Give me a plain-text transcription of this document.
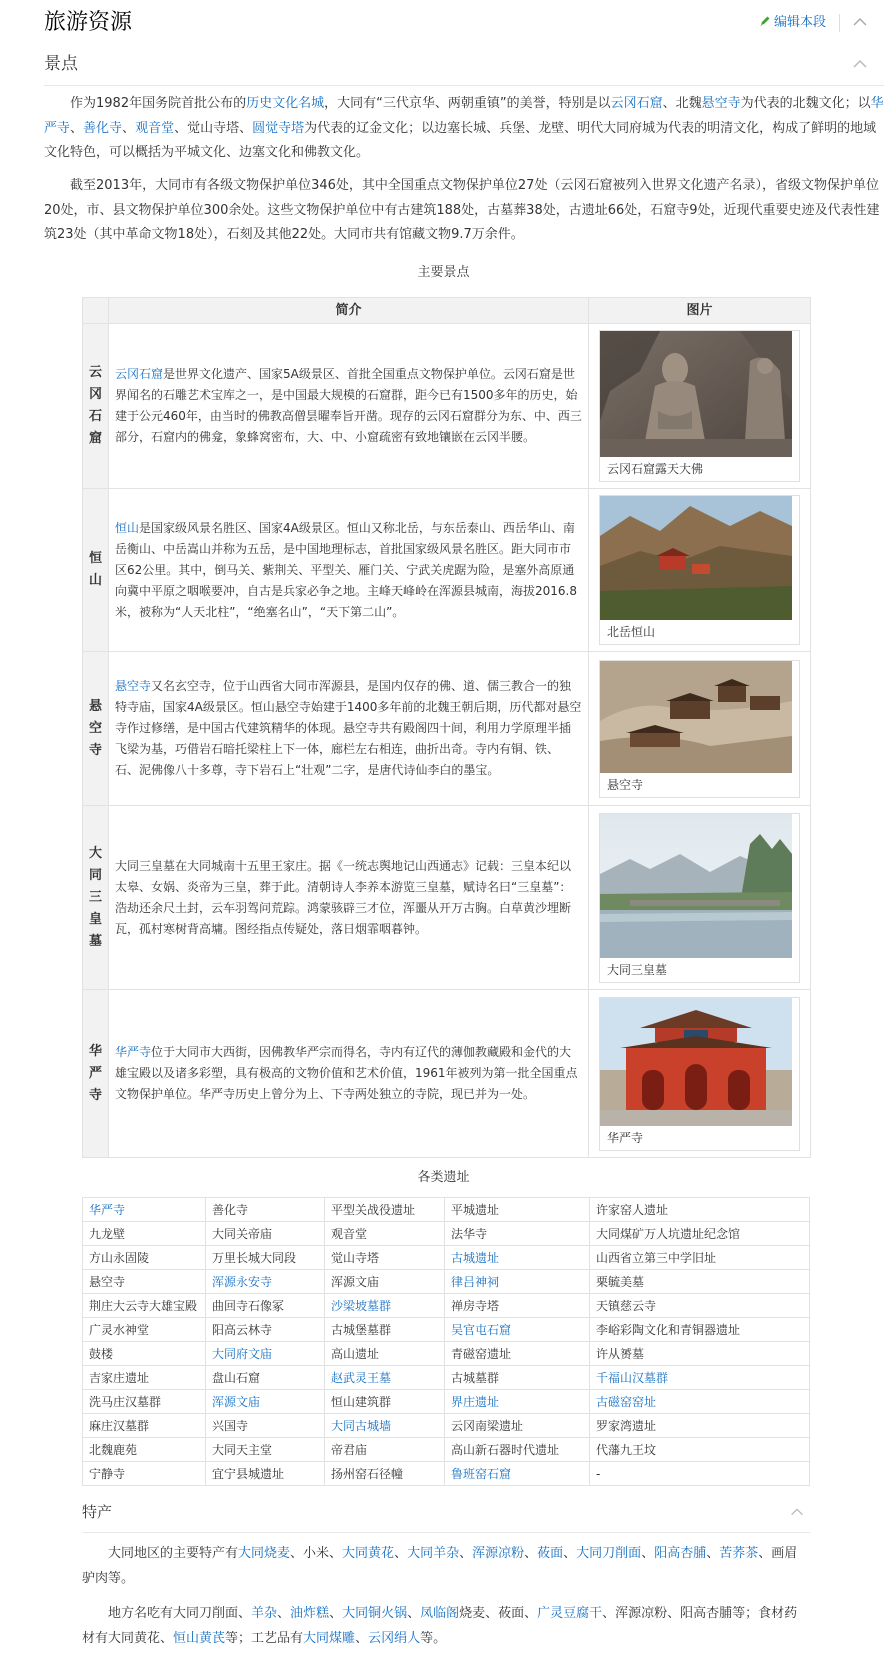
旅游资源	编辑本段
景点
作为1982年国务院首批公布的历史文化名城，大同有“三代京华、两朝重镇”的美誉，特别是以云冈石窟、北魏悬空寺为代表的北魏文化；以华严寺、善化寺、观音堂、觉山寺塔、圆觉寺塔为代表的辽金文化；以边塞长城、兵堡、龙壁、明代大同府城为代表的明清文化，构成了鲜明的地域文化特色，可以概括为平城文化、边塞文化和佛教文化。
截至2013年，大同市有各级文物保护单位346处，其中全国重点文物保护单位27处（云冈石窟被列入世界文化遗产名录），省级文物保护单位20处，市、县文物保护单位300余处。这些文物保护单位中有古建筑188处，古墓葬38处，古遗址66处，石窟寺9处，近现代重要史迹及代表性建筑23处（其中革命文物18处），石刻及其他22处。大同市共有馆藏文物9.7万余件。
主要景点
	简介	图片
云冈石窟	云冈石窟是世界文化遗产、国家5A级景区、首批全国重点文物保护单位。云冈石窟是世界闻名的石雕艺术宝库之一，是中国最大规模的石窟群，距今已有1500多年的历史，始建于公元460年，由当时的佛教高僧昙曜奉旨开凿。现存的云冈石窟群分为东、中、西三部分，石窟内的佛龛，象蜂窝密布，大、中、小窟疏密有致地镶嵌在云冈半腰。	云冈石窟露天大佛

恒山	恒山是国家级风景名胜区、国家4A级景区。恒山又称北岳，与东岳泰山、西岳华山、南岳衡山、中岳嵩山并称为五岳，是中国地理标志，首批国家级风景名胜区。距大同市市区62公里。其中，倒马关、紫荆关、平型关、雁门关、宁武关虎踞为险，是塞外高原通向冀中平原之咽喉要冲，自古是兵家必争之地。主峰天峰岭在浑源县城南，海拔2016.8米，被称为“人天北柱”，“绝塞名山”，“天下第二山”。	北岳恒山

悬空寺	悬空寺又名玄空寺，位于山西省大同市浑源县，是国内仅存的佛、道、儒三教合一的独特寺庙，国家4A级景区。恒山悬空寺始建于1400多年前的北魏王朝后期，历代都对悬空寺作过修缮，是中国古代建筑精华的体现。悬空寺共有殿阁四十间，利用力学原理半插飞梁为基，巧借岩石暗托梁柱上下一体，廊栏左右相连，曲折出奇。寺内有铜、铁、石、泥佛像八十多尊，寺下岩石上“壮观”二字，是唐代诗仙李白的墨宝。	悬空寺

大同三皇墓	大同三皇墓在大同城南十五里王家庄。据《一统志舆地记山西通志》记载：三皇本纪以太皋、女娲、炎帝为三皇，葬于此。清朝诗人李养本游览三皇墓，赋诗名曰“三皇墓”：浩劫还余尺土封，云车羽驾问荒踪。鸿蒙骇辟三才位，浑噩从开万古胸。白草黄沙埋断瓦，孤村寒树背高墉。图经指点传疑处，落日烟霏咽暮钟。	大同三皇墓

华严寺	华严寺位于大同市大西街，因佛教华严宗而得名，寺内有辽代的薄伽教藏殿和金代的大雄宝殿以及诸多彩塑，具有极高的文物价值和艺术价值，1961年被列为第一批全国重点文物保护单位。华严寺历史上曾分为上、下寺两处独立的寺院，现已并为一处。	华严寺
各类遗址
华严寺	善化寺	平型关战役遗址	平城遗址	许家窑人遗址
九龙壁	大同关帝庙	观音堂	法华寺	大同煤矿万人坑遗址纪念馆
方山永固陵	万里长城大同段	觉山寺塔	古城遗址	山西省立第三中学旧址
悬空寺	浑源永安寺	浑源文庙	律吕神祠	栗毓美墓
荆庄大云寺大雄宝殿	曲回寺石像冢	沙梁坡墓群	禅房寺塔	天镇慈云寺
广灵水神堂	阳高云林寺	古城堡墓群	吴官屯石窟	李峪彩陶文化和青铜器遗址
鼓楼	大同府文庙	高山遗址	青磁窑遗址	许从赟墓
吉家庄遗址	盘山石窟	赵武灵王墓	古城墓群	千福山汉墓群
洗马庄汉墓群	浑源文庙	恒山建筑群	界庄遗址	古磁窑窑址
麻庄汉墓群	兴国寺	大同古城墙	云冈南梁遗址	罗家湾遗址
北魏鹿苑	大同天主堂	帝君庙	高山新石器时代遗址	代藩九王坟
宁静寺	宜宁县城遗址	扬州窑石径幢	鲁班窑石窟	-
特产
大同地区的主要特产有大同烧麦、小米、大同黄花、大同羊杂、浑源凉粉、莜面、大同刀削面、阳高杏脯、苦荞茶、画眉驴肉等。
地方名吃有大同刀削面、羊杂、油炸糕、大同铜火锅、凤临阁烧麦、莜面、广灵豆腐干、浑源凉粉、阳高杏脯等；食材药材有大同黄花、恒山黄芪等；工艺品有大同煤雕、云冈绢人等。
